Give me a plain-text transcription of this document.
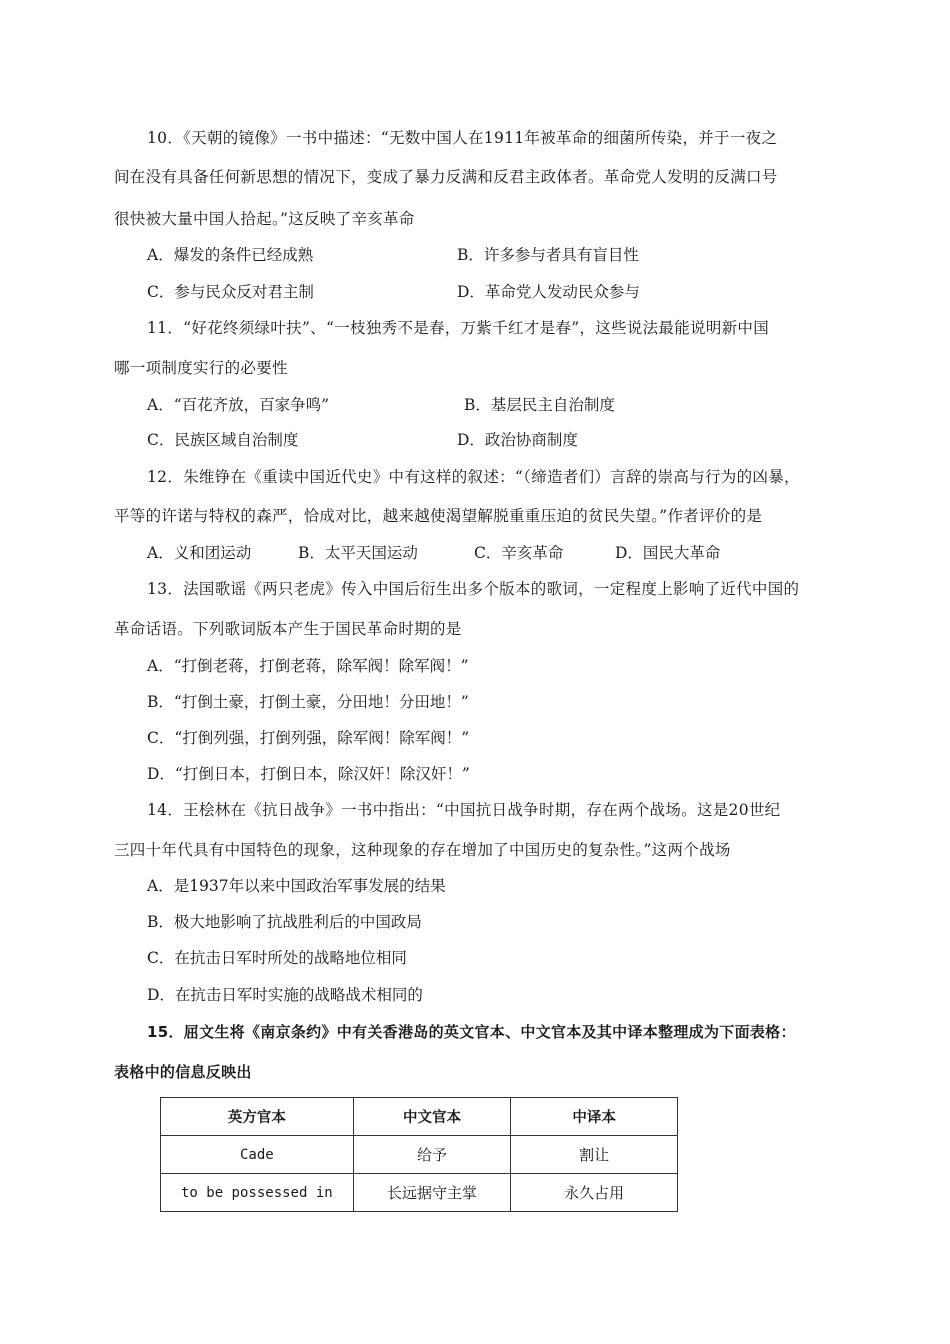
10．《天朝的镜像》一书中描述：“无数中国人在1911年被革命的细菌所传染，并于一夜之
间在没有具备任何新思想的情况下，变成了暴力反满和反君主政体者。革命党人发明的反满口号
很快被大量中国人拾起。”这反映了辛亥革命
A．爆发的条件已经成熟	B．许多参与者具有盲目性
C．参与民众反对君主制	D．革命党人发动民众参与
11．“好花终须绿叶扶”、“一枝独秀不是春，万紫千红才是春”，这些说法最能说明新中国
哪一项制度实行的必要性
A．“百花齐放，百家争鸣”	B．基层民主自治制度
C．民族区域自治制度	D．政治协商制度
12．朱维铮在《重读中国近代史》中有这样的叙述：“（缔造者们）言辞的崇高与行为的凶暴，
平等的许诺与特权的森严，恰成对比，越来越使渴望解脱重重压迫的贫民失望。”作者评价的是
A．义和团运动	B．太平天国运动	C．辛亥革命	D．国民大革命
13．法国歌谣《两只老虎》传入中国后衍生出多个版本的歌词，一定程度上影响了近代中国的
革命话语。下列歌词版本产生于国民革命时期的是
A．“打倒老蒋，打倒老蒋，除军阀！除军阀！”
B．“打倒土豪，打倒土豪，分田地！分田地！”
C．“打倒列强，打倒列强，除军阀！除军阀！”
D．“打倒日本，打倒日本，除汉奸！除汉奸！”
14．王桧林在《抗日战争》一书中指出：“中国抗日战争时期，存在两个战场。这是20世纪
三四十年代具有中国特色的现象，这种现象的存在增加了中国历史的复杂性。”这两个战场
A．是1937年以来中国政治军事发展的结果
B．极大地影响了抗战胜利后的中国政局
C．在抗击日军时所处的战略地位相同
D．在抗击日军时实施的战略战术相同的
15．屈文生将《南京条约》中有关香港岛的英文官本、中文官本及其中译本整理成为下面表格：
表格中的信息反映出
英方官本	中文官本	中译本
Cade	给予	割让
to be possessed in	长远据守主掌	永久占用
